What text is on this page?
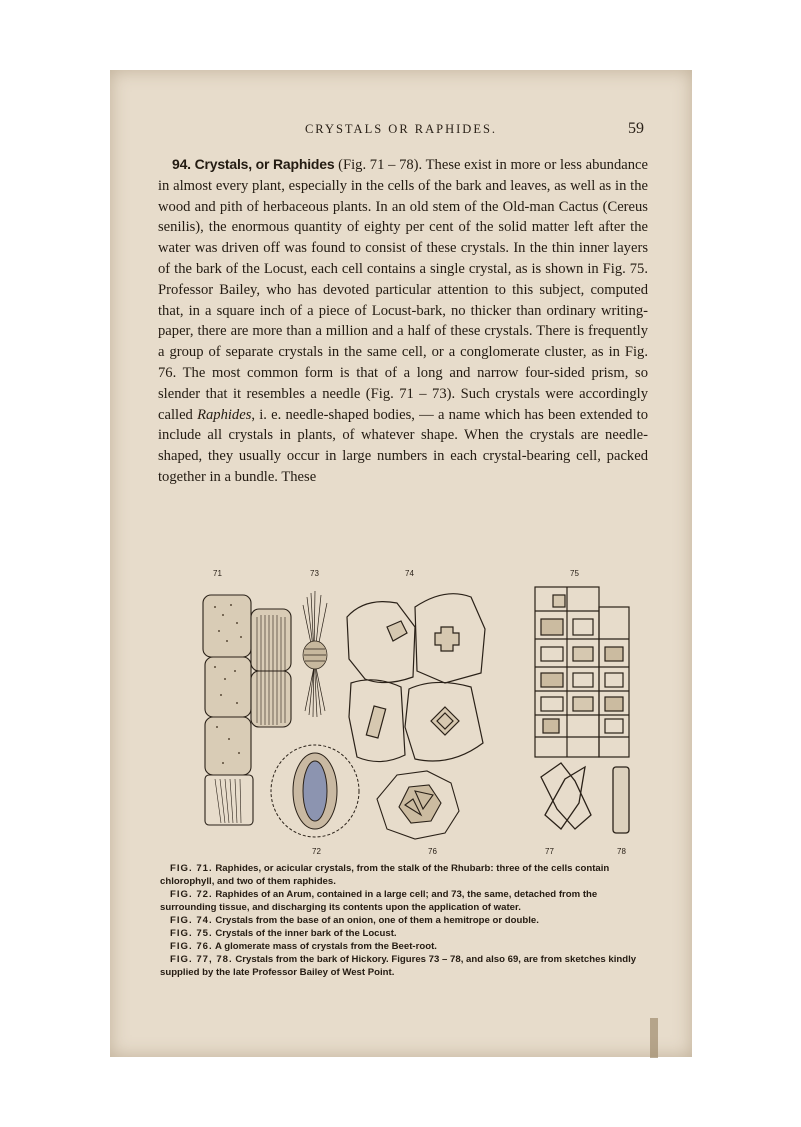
CRYSTALS OR RAPHIDES.	59

94. Crystals, or Raphides (Fig. 71 – 78). These exist in more or less abundance in almost every plant, especially in the cells of the bark and leaves, as well as in the wood and pith of herbaceous plants. In an old stem of the Old-man Cactus (Cereus senilis), the enormous quantity of eighty per cent of the solid matter left after the water was driven off was found to consist of these crystals. In the thin inner layers of the bark of the Locust, each cell contains a single crystal, as is shown in Fig. 75. Professor Bailey, who has devoted particular attention to this subject, computed that, in a square inch of a piece of Locust-bark, no thicker than ordinary writing-paper, there are more than a million and a half of these crystals. There is frequently a group of separate crystals in the same cell, or a conglomerate cluster, as in Fig. 76. The most common form is that of a long and narrow four-sided prism, so slender that it resembles a needle (Fig. 71 – 73). Such crystals were accordingly called Raphides, i. e. needle-shaped bodies, — a name which has been extended to include all crystals in plants, of whatever shape. When the crystals are needle-shaped, they usually occur in large numbers in each crystal-bearing cell, packed together in a bundle. These

71	73	74	75
72	76	77	78

FIG. 71. Raphides, or acicular crystals, from the stalk of the Rhubarb: three of the cells contain chlorophyll, and two of them raphides.

FIG. 72. Raphides of an Arum, contained in a large cell; and 73, the same, detached from the surrounding tissue, and discharging its contents upon the application of water.

FIG. 74. Crystals from the base of an onion, one of them a hemitrope or double.

FIG. 75. Crystals of the inner bark of the Locust.

FIG. 76. A glomerate mass of crystals from the Beet-root.

FIG. 77, 78. Crystals from the bark of Hickory. Figures 73 – 78, and also 69, are from sketches kindly supplied by the late Professor Bailey of West Point.
